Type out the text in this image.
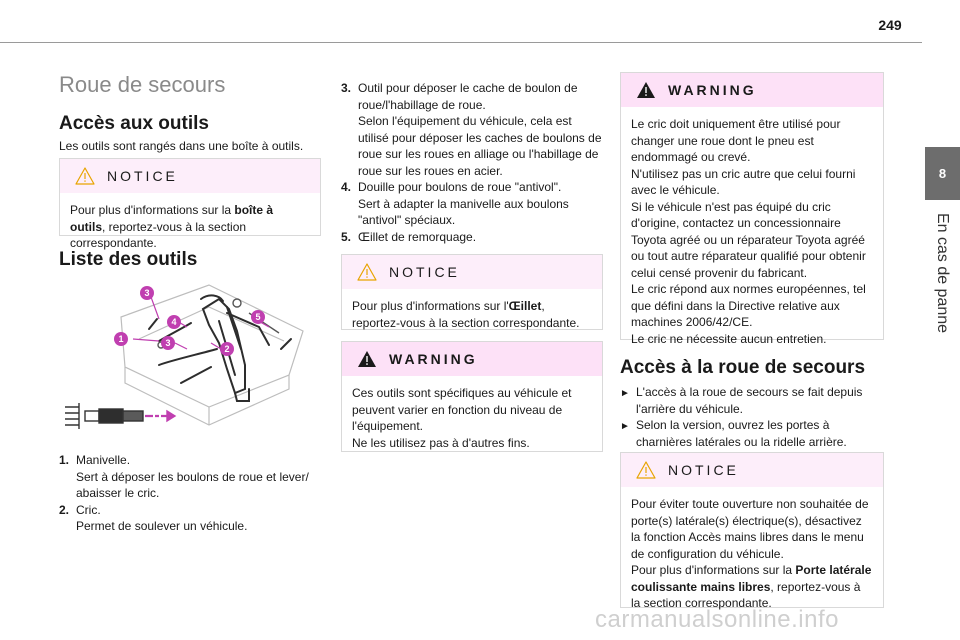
249
8
En cas de panne
Roue de secours
Accès aux outils
Les outils sont rangés dans une boîte à outils.
NOTICE
Pour plus d'informations sur la boîte à outils, reportez-vous à la section correspondante.
Liste des outils
3
4	5
1	3
2
1. Manivelle.
Sert à déposer les boulons de roue et lever/ abaisser le cric.
2. Cric.
Permet de soulever un véhicule.
3. Outil pour déposer le cache de boulon de roue/l'habillage de roue.
Selon l'équipement du véhicule, cela est utilisé pour déposer les caches de boulons de roue sur les roues en alliage ou l'habillage de roue sur les roues en acier.
4. Douille pour boulons de roue "antivol".
Sert à adapter la manivelle aux boulons "antivol" spéciaux.
5. Œillet de remorquage.
NOTICE
Pour plus d'informations sur l'Œillet, reportez-vous à la section correspondante.
WARNING
Ces outils sont spécifiques au véhicule et peuvent varier en fonction du niveau de l'équipement.
Ne les utilisez pas à d'autres fins.
WARNING
Le cric doit uniquement être utilisé pour changer une roue dont le pneu est endommagé ou crevé.
N'utilisez pas un cric autre que celui fourni avec le véhicule.
Si le véhicule n'est pas équipé du cric d'origine, contactez un concessionnaire Toyota agréé ou un réparateur Toyota agréé ou tout autre réparateur qualifié pour obtenir celui censé provenir du fabricant.
Le cric répond aux normes européennes, tel que défini dans la Directive relative aux machines 2006/42/CE.
Le cric ne nécessite aucun entretien.
Accès à la roue de secours
► L'accès à la roue de secours se fait depuis l'arrière du véhicule.
► Selon la version, ouvrez les portes à charnières latérales ou la ridelle arrière.
NOTICE
Pour éviter toute ouverture non souhaitée de porte(s) latérale(s) électrique(s), désactivez la fonction Accès mains libres dans le menu de configuration du véhicule.
Pour plus d'informations sur la Porte latérale coulissante mains libres, reportez-vous à la section correspondante.
carmanualsonline.info
